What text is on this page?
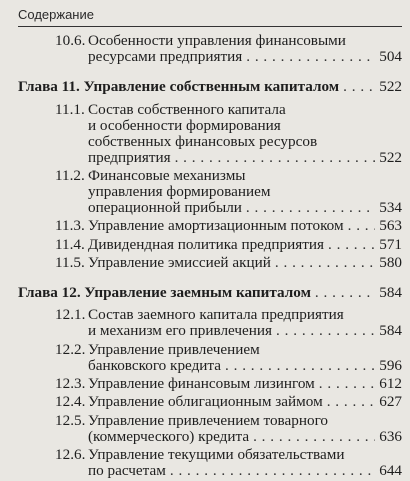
Содержание
10.6. Особенности управления финансовыми
ресурсами предприятия . . .	504
Глава 11. Управление собственным капиталом . . .	522
11.1. Состав собственного капитала
и особенности формирования
собственных финансовых ресурсов
предприятия . . .	522
11.2. Финансовые механизмы
управления формированием
операционной прибыли . . .	534
11.3. Управление амортизационным потоком . . . 563
11.4. Дивидендная политика предприятия . . .	571
11.5. Управление эмиссией акций . . .	580
Глава 12. Управление заемным капиталом . . .	584
12.1. Состав заемного капитала предприятия
и механизм его привлечения . . .	584
12.2. Управление привлечением
банковского кредита . . .	596
12.3. Управление финансовым лизингом . . .	612
12.4. Управление облигационным займом . . .	627
12.5. Управление привлечением товарного
(коммерческого) кредита . . .	636
12.6. Управление текущими обязательствами
по расчетам . . .	644
